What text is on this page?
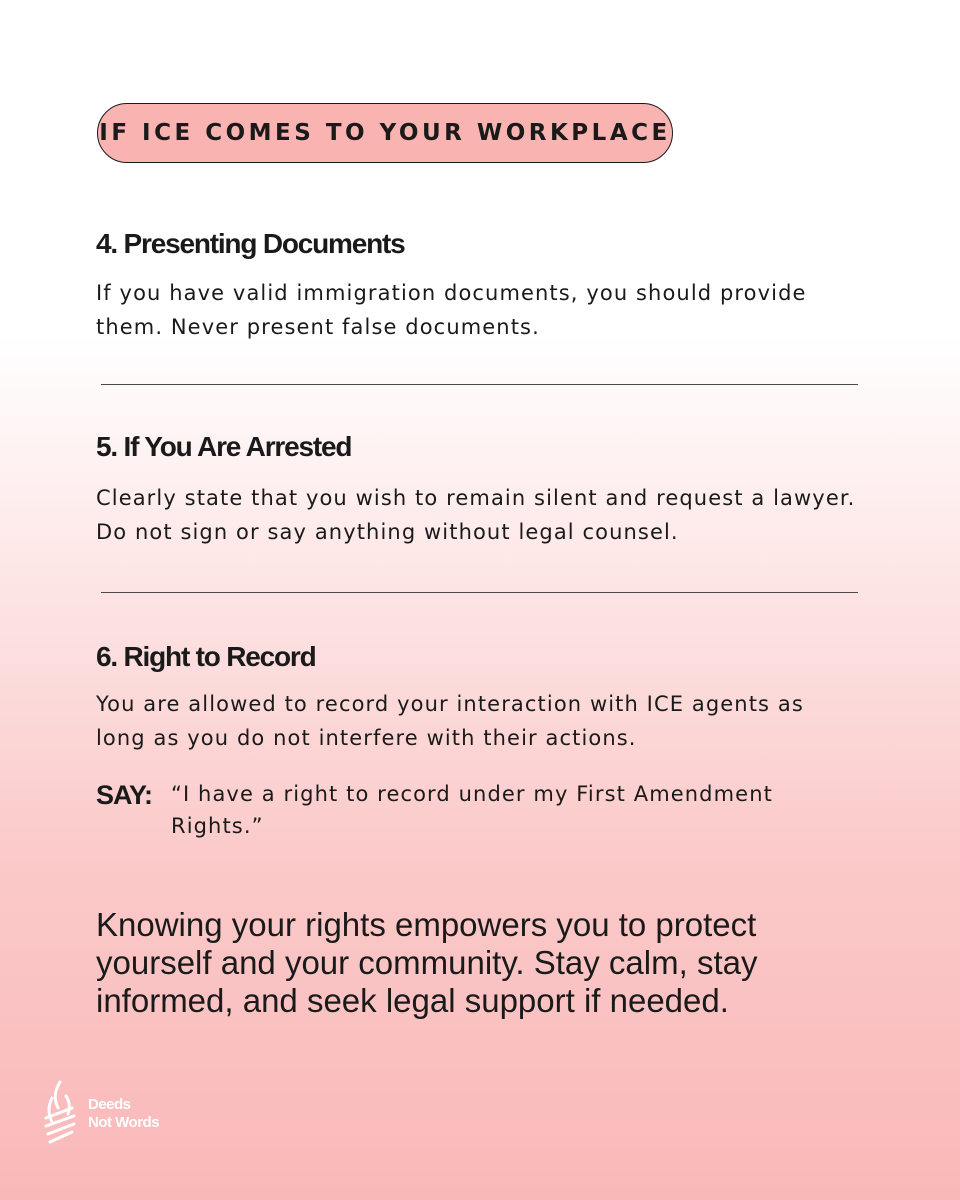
IF ICE COMES TO YOUR WORKPLACE
4. Presenting Documents
If you have valid immigration documents, you should provide them. Never present false documents.
5. If You Are Arrested
Clearly state that you wish to remain silent and request a lawyer. Do not sign or say anything without legal counsel.
6. Right to Record
You are allowed to record your interaction with ICE agents as long as you do not interfere with their actions.
SAY: “I have a right to record under my First Amendment Rights.”
Knowing your rights empowers you to protect yourself and your community. Stay calm, stay informed, and seek legal support if needed.
Deeds
Not Words
